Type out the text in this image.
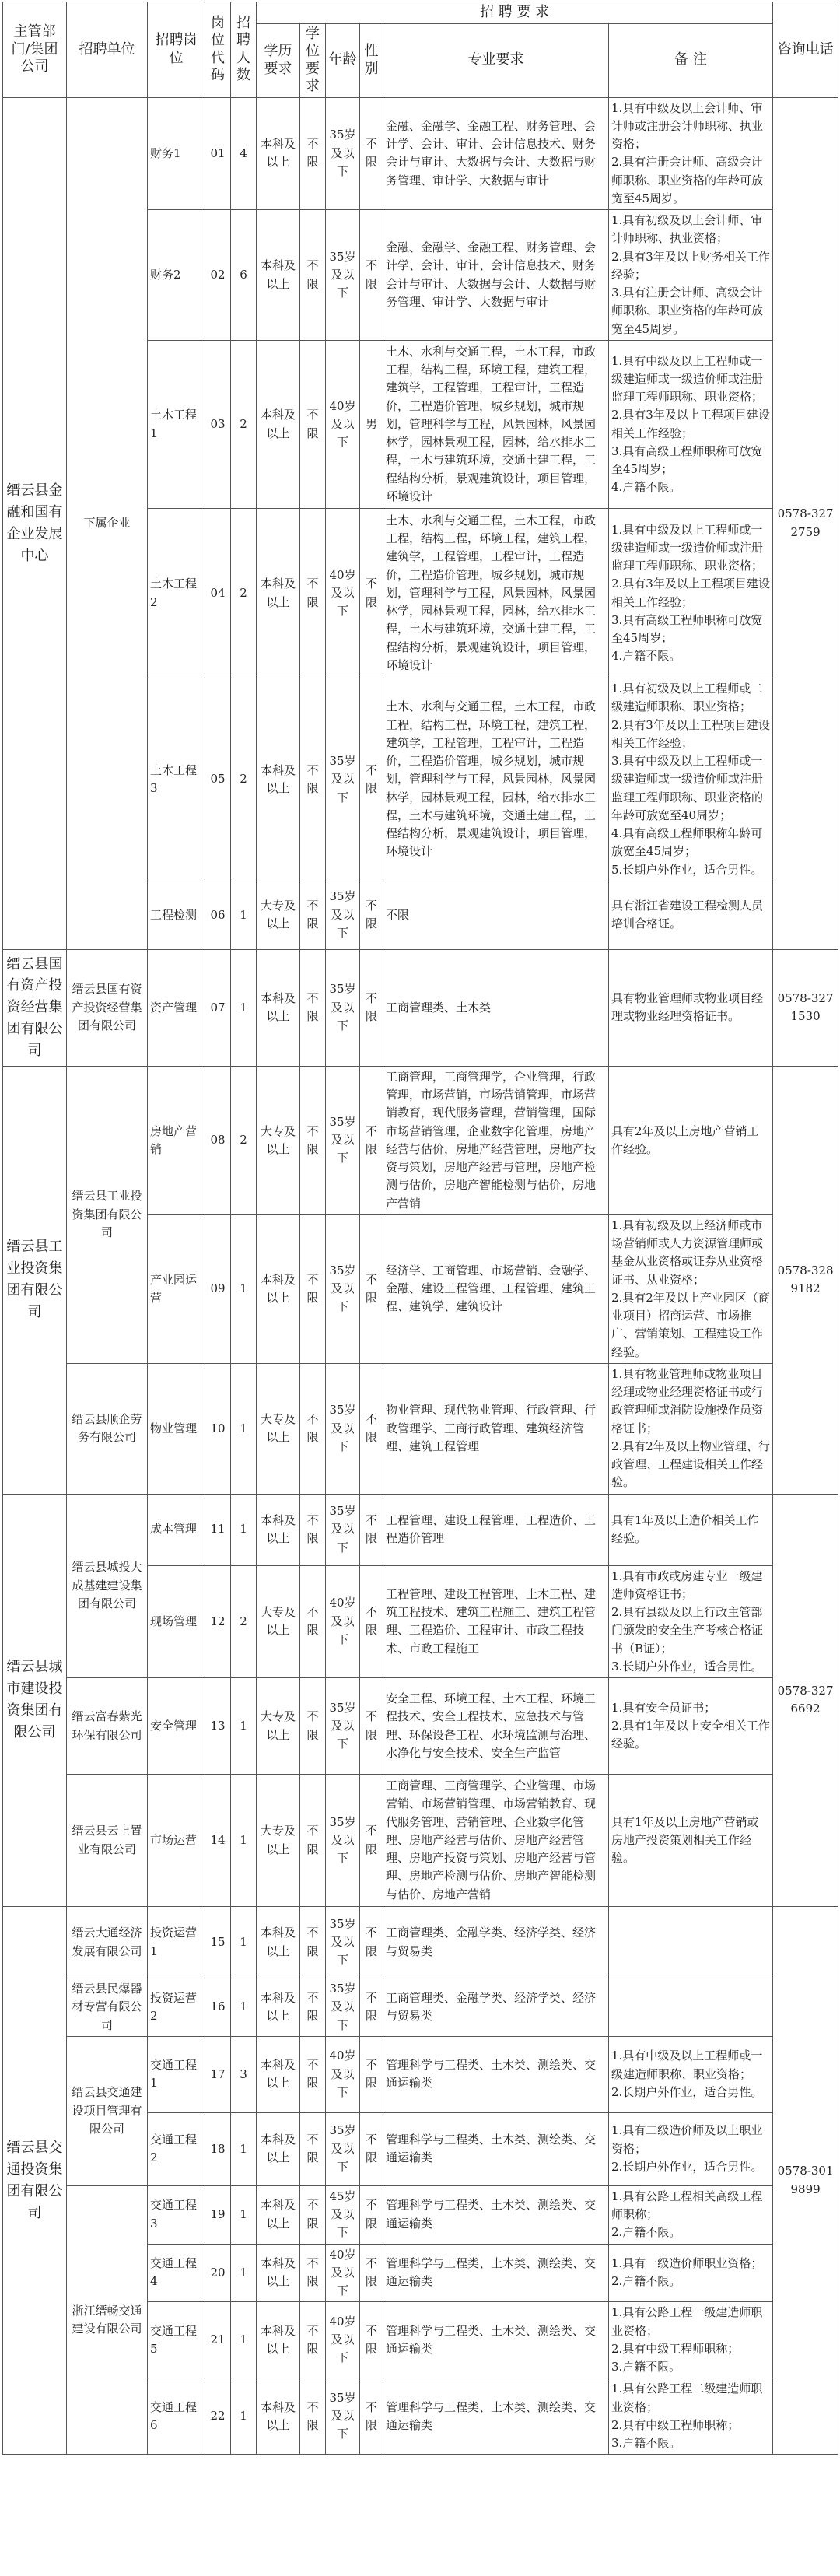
主管部门/集团公司	招聘单位	招聘岗位	岗位代码	招聘人数	招 聘 要 求						咨询电话
					学历要求	学位要求	年龄	性别	专业要求	备 注	
缙云县金融和国有企业发展中心	下属企业	财务1	01	4	本科及以上	不限	35岁及以下	不限	金融、金融学、金融工程、财务管理、会计学、会计、审计、会计信息技术、财务会计与审计、大数据与会计、大数据与财务管理、审计学、大数据与审计	1.具有中级及以上会计师、审计师或注册会计师职称、执业资格；
2.具有注册会计师、高级会计师职称、职业资格的年龄可放宽至45周岁。	0578-3272759
		财务2	02	6	本科及以上	不限	35岁及以下	不限	金融、金融学、金融工程、财务管理、会计学、会计、审计、会计信息技术、财务会计与审计、大数据与会计、大数据与财务管理、审计学、大数据与审计	1.具有初级及以上会计师、审计师职称、执业资格；
2.具有3年及以上财务相关工作经验；
3.具有注册会计师、高级会计师职称、职业资格的年龄可放宽至45周岁。	
		土木工程1	03	2	本科及以上	不限	40岁及以下	男	土木、水利与交通工程，土木工程，市政工程，结构工程，环境工程，建筑工程，建筑学，工程管理，工程审计，工程造价，工程造价管理，城乡规划，城市规划，管理科学与工程，风景园林，风景园林学，园林景观工程，园林，给水排水工程，土木与建筑环境，交通土建工程，工程结构分析，景观建筑设计，项目管理，环境设计	1.具有中级及以上工程师或一级建造师或一级造价师或注册监理工程师职称、职业资格；
2.具有3年及以上工程项目建设相关工作经验；
3.具有高级工程师职称可放宽至45周岁；
4.户籍不限。	
		土木工程2	04	2	本科及以上	不限	40岁及以下	不限	土木、水利与交通工程，土木工程，市政工程，结构工程，环境工程，建筑工程，建筑学，工程管理，工程审计，工程造价，工程造价管理，城乡规划，城市规划，管理科学与工程，风景园林，风景园林学，园林景观工程，园林，给水排水工程，土木与建筑环境，交通土建工程，工程结构分析，景观建筑设计，项目管理，环境设计	1.具有中级及以上工程师或一级建造师或一级造价师或注册监理工程师职称、职业资格；
2.具有3年及以上工程项目建设相关工作经验；
3.具有高级工程师职称可放宽至45周岁；
4.户籍不限。	
		土木工程3	05	2	本科及以上	不限	35岁及以下	不限	土木、水利与交通工程，土木工程，市政工程，结构工程，环境工程，建筑工程，建筑学，工程管理，工程审计，工程造价，工程造价管理，城乡规划，城市规划，管理科学与工程，风景园林，风景园林学，园林景观工程，园林，给水排水工程，土木与建筑环境，交通土建工程，工程结构分析，景观建筑设计，项目管理，环境设计	1.具有初级及以上工程师或二级建造师职称、职业资格；
2.具有3年及以上工程项目建设相关工作经验；
3.具有中级及以上工程师或一级建造师或一级造价师或注册监理工程师职称、职业资格的年龄可放宽至40周岁；
4.具有高级工程师职称年龄可放宽至45周岁；
5.长期户外作业，适合男性。	
		工程检测	06	1	大专及以上	不限	35岁及以下	不限	不限	具有浙江省建设工程检测人员培训合格证。	
缙云县国有资产投资经营集团有限公司	缙云县国有资产投资经营集团有限公司	资产管理	07	1	本科及以上	不限	35岁及以下	不限	工商管理类、土木类	具有物业管理师或物业项目经理或物业经理资格证书。	0578-3271530
缙云县工业投资集团有限公司	缙云县工业投资集团有限公司	房地产营销	08	2	大专及以上	不限	35岁及以下	不限	工商管理，工商管理学，企业管理，行政管理，市场营销，市场营销管理，市场营销教育，现代服务管理，营销管理，国际市场营销管理，企业数字化管理，房地产经营与估价，房地产经营管理，房地产投资与策划，房地产经营与管理，房地产检测与估价，房地产智能检测与估价，房地产营销	具有2年及以上房地产营销工作经验。	0578-3289182
		产业园运营	09	1	本科及以上	不限	35岁及以下	不限	经济学、工商管理、市场营销、金融学、金融、建设工程管理、工程管理、建筑工程、建筑学、建筑设计	1.具有初级及以上经济师或市场营销师或人力资源管理师或基金从业资格或证券从业资格证书、从业资格；
2.具有2年及以上产业园区（商业项目）招商运营、市场推广、营销策划、工程建设工作经验。	
	缙云县顺企劳务有限公司	物业管理	10	1	大专及以上	不限	35岁及以下	不限	物业管理、现代物业管理、行政管理、行政管理学、工商行政管理、建筑经济管理、建筑工程管理	1.具有物业管理师或物业项目经理或物业经理资格证书或行政管理师或消防设施操作员资格证书；
2.具有2年及以上物业管理、行政管理、工程建设相关工作经验。	
缙云县城市建设投资集团有限公司	缙云县城投大成基建建设集团有限公司	成本管理	11	1	本科及以上	不限	35岁及以下	不限	工程管理、建设工程管理、工程造价、工程造价管理	具有1年及以上造价相关工作经验。	0578-3276692
		现场管理	12	2	大专及以上	不限	40岁及以下	不限	工程管理、建设工程管理、土木工程、建筑工程技术、建筑工程施工、建筑工程管理、工程造价、工程审计、市政工程技术、市政工程施工	1.具有市政或房建专业一级建造师资格证书；
2.具有县级及以上行政主管部门颁发的安全生产考核合格证书（B证）；
3.长期户外作业，适合男性。	
	缙云富春紫光环保有限公司	安全管理	13	1	大专及以上	不限	35岁及以下	不限	安全工程、环境工程、土木工程、环境工程技术、安全工程技术、应急技术与管理、环保设备工程、水环境监测与治理、水净化与安全技术、安全生产监管	1.具有安全员证书；
2.具有1年及以上安全相关工作经验。	
	缙云县云上置业有限公司	市场运营	14	1	大专及以上	不限	35岁及以下	不限	工商管理、工商管理学、企业管理、市场营销、市场营销管理、市场营销教育、现代服务管理、营销管理、企业数字化管理、房地产经营与估价、房地产经营管理、房地产投资与策划、房地产经营与管理、房地产检测与估价、房地产智能检测与估价、房地产营销	具有1年及以上房地产营销或房地产投资策划相关工作经验。	
缙云县交通投资集团有限公司	缙云大通经济发展有限公司	投资运营1	15	1	本科及以上	不限	35岁及以下	不限	工商管理类、金融学类、经济学类、经济与贸易类		0578-3019899
	缙云县民爆器材专营有限公司	投资运营2	16	1	本科及以上	不限	35岁及以下	不限	工商管理类、金融学类、经济学类、经济与贸易类		
	缙云县交通建设项目管理有限公司	交通工程1	17	3	本科及以上	不限	40岁及以下	不限	管理科学与工程类、土木类、测绘类、交通运输类	1.具有中级及以上工程师或一级建造师职称、职业资格；
2.长期户外作业，适合男性。	
		交通工程2	18	1	本科及以上	不限	35岁及以下	不限	管理科学与工程类、土木类、测绘类、交通运输类	1.具有二级造价师及以上职业资格；
2.长期户外作业，适合男性。	
	浙江缙畅交通建设有限公司	交通工程3	19	1	本科及以上	不限	45岁及以下	不限	管理科学与工程类、土木类、测绘类、交通运输类	1.具有公路工程相关高级工程师职称；
2.户籍不限。	
		交通工程4	20	1	本科及以上	不限	40岁及以下	不限	管理科学与工程类、土木类、测绘类、交通运输类	1.具有一级造价师职业资格；
2.户籍不限。	
		交通工程5	21	1	本科及以上	不限	40岁及以下	不限	管理科学与工程类、土木类、测绘类、交通运输类	1.具有公路工程一级建造师职业资格；
2.具有中级工程师职称；
3.户籍不限。	
		交通工程6	22	1	本科及以上	不限	35岁及以下	不限	管理科学与工程类、土木类、测绘类、交通运输类	1.具有公路工程二级建造师职业资格；
2.具有中级工程师职称；
3.户籍不限。	
